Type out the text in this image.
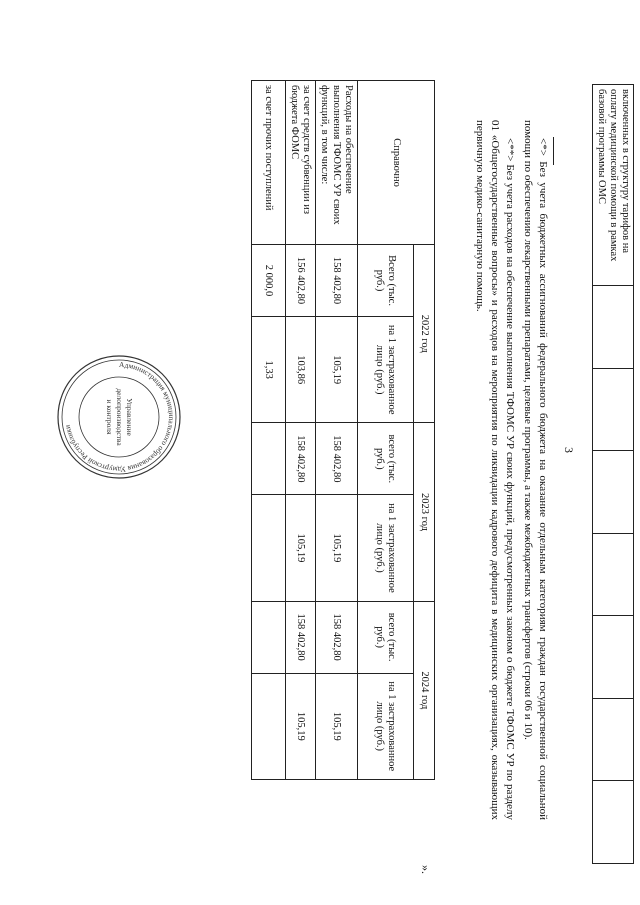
включенных в структуру тарифов на оплату медицинской помощи в рамках базовой программы ОМС							
3
<*> Без учета бюджетных ассигнований федерального бюджета на оказание отдельным категориям граждан государственной социальной помощи по обеспечению лекарственными препаратами, целевые программы, а также межбюджетных трансфертов (строки 06 и 10).
<**> Без учета расходов на обеспечение выполнения ТФОМС УР своих функций, предусмотренных законом о бюджете ТФОМС УР по разделу 01 «Общегосударственные вопросы» и расходов на мероприятия по ликвидации кадрового дефицита в медицинских организациях, оказывающих первичную медико-санитарную помощь.
Справочно	2022 год		2023 год		2024 год	
	Всего (тыс. руб.)	на 1 застрахованное лицо (руб.)	всего (тыс. руб.)	на 1 застрахованное лицо (руб.)	всего (тыс. руб.)	на 1 застрахованное лицо (руб.)
Расходы на обеспечение выполнения ТФОМС УР своих функций, в том числе:	158 402,80	105,19	158 402,80	105,19	158 402,80	105,19
за счет средств субвенции из бюджета ФОМС	156 402,80	103,86	158 402,80	105,19	158 402,80	105,19
за счет прочих поступлений	2 000,0	1,33				
».
Администрация муниципального образования Удмуртской Республики	Управление
делопроизводства
и контроля
